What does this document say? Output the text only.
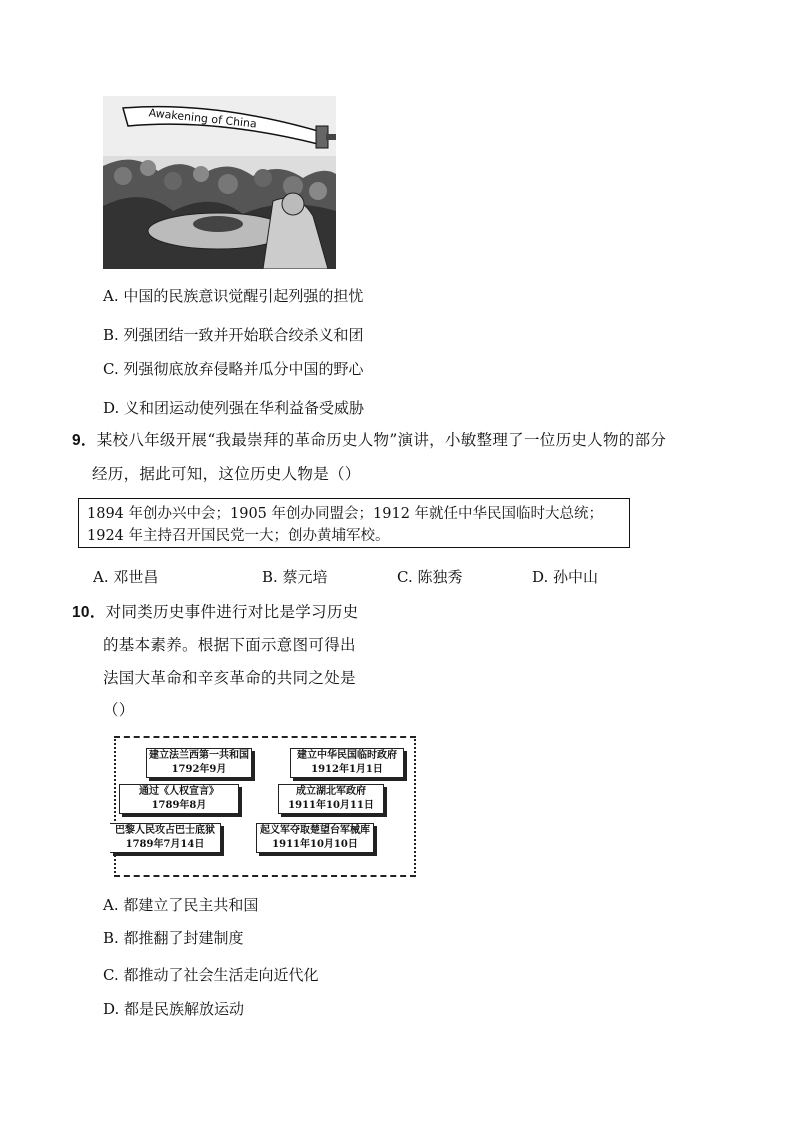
Awakening of China
A. 中国的民族意识觉醒引起列强的担忧
B. 列强团结一致并开始联合绞杀义和团
C. 列强彻底放弃侵略并瓜分中国的野心
D. 义和团运动使列强在华利益备受威胁
9．某校八年级开展“我最崇拜的革命历史人物”演讲，小敏整理了一位历史人物的部分
经历，据此可知，这位历史人物是（）
1894 年创办兴中会；1905 年创办同盟会；1912 年就任中华民国临时大总统；
1924 年主持召开国民党一大；创办黄埔军校。
A. 邓世昌	B. 蔡元培	C. 陈独秀	D. 孙中山
10．对同类历史事件进行对比是学习历史
的基本素养。根据下面示意图可得出
法国大革命和辛亥革命的共同之处是
（）
建立法兰西第一共和国
1792年9月
通过《人权宣言》
1789年8月
巴黎人民攻占巴士底狱
1789年7月14日
建立中华民国临时政府
1912年1月1日
成立湖北军政府
1911年10月11日
起义军夺取楚望台军械库
1911年10月10日
A. 都建立了民主共和国
B. 都推翻了封建制度
C. 都推动了社会生活走向近代化
D. 都是民族解放运动
